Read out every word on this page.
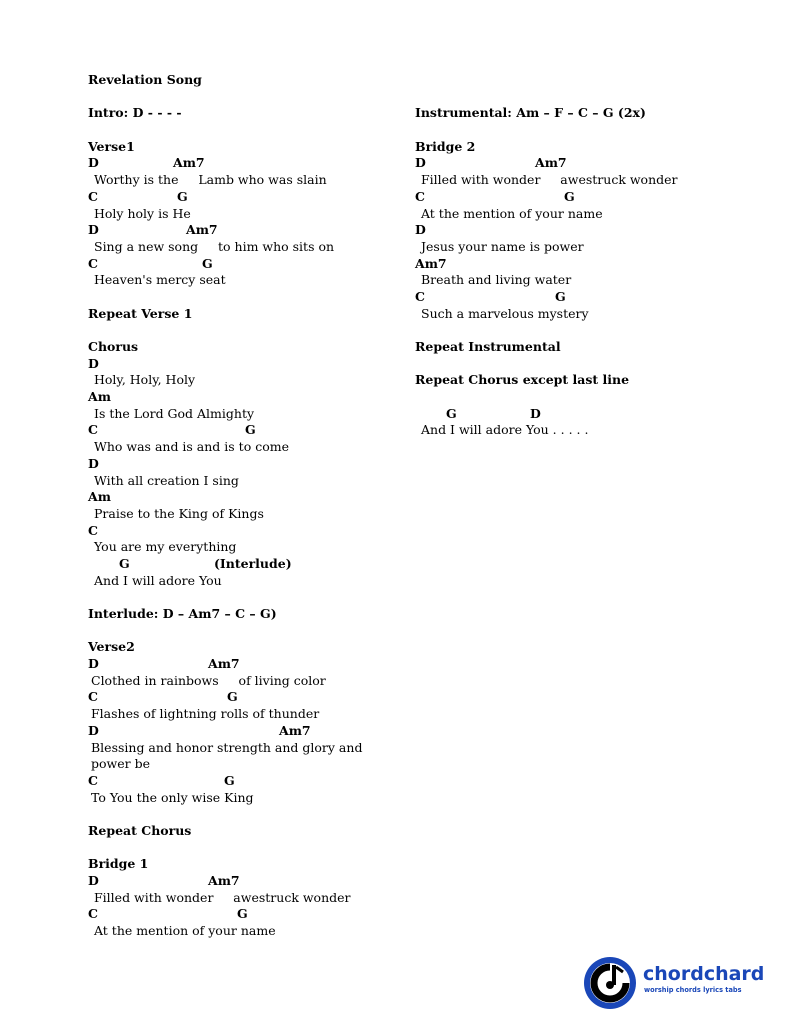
Revelation Song
Intro: D - - - -
Verse1
D	Am7
Worthy is the     Lamb who was slain
C	G
Holy holy is He
D	Am7
Sing a new song     to him who sits on
C	G
Heaven's mercy seat
Repeat Verse 1
Chorus
D
Holy, Holy, Holy
Am
Is the Lord God Almighty
C	G
Who was and is and is to come
D
With all creation I sing
Am
Praise to the King of Kings
C
You are my everything
G	(Interlude)
And I will adore You
Interlude: D – Am7 – C – G)
Verse2
D	Am7
Clothed in rainbows     of living color
C	G
Flashes of lightning rolls of thunder
D	Am7
Blessing and honor strength and glory and power be
C	G
To You the only wise King
Repeat Chorus
Bridge 1
D	Am7
Filled with wonder     awestruck wonder
C	G
At the mention of your name
Instrumental: Am – F – C – G (2x)
Bridge 2
D	Am7
Filled with wonder     awestruck wonder
C	G
At the mention of your name
D
Jesus your name is power
Am7
Breath and living water
C	G
Such a marvelous mystery
Repeat Instrumental
Repeat Chorus except last line
G	D
And I will adore You . . . . .
chordchard
worship chords lyrics tabs
